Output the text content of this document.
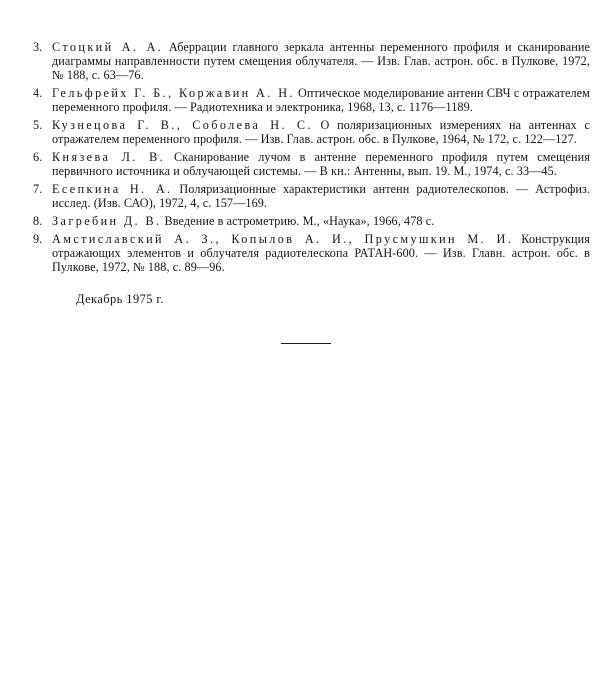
3. Стоцкий А. А. Аберрации главного зеркала антенны переменного профиля и сканирование диаграммы направленности путем смещения облучателя. — Изв. Глав. астрон. обс. в Пулкове, 1972, № 188, с. 63—76.
4. Гельфрейх Г. Б., Коржавин А. Н. Оптическое моделирование антенн СВЧ с отражателем переменного профиля. — Радиотехника и электроника, 1968, 13, с. 1176—1189.
5. Кузнецова Г. В., Соболева Н. С. О поляризационных измерениях на антеннах с отражателем переменного профиля. — Изв. Глав. астрон. обс. в Пулкове, 1964, № 172, с. 122—127.
6. Князева Л. В. Сканирование лучом в антенне переменного профиля путем смещения первичного источника и облучающей системы. — В кн.: Антенны, вып. 19. М., 1974, с. 33—45.
7. Есепкина Н. А. Поляризационные характеристики антенн радиотелескопов. — Астрофиз. исслед. (Изв. САО), 1972, 4, с. 157—169.
8. Загребин Д. В. Введение в астрометрию. М., «Наука», 1966, 478 с.
9. Амстиславский А. З., Копылов А. И., Прусмушкин М. И. Конструкция отражающих элементов и облучателя радиотелескопа РАТАН-600. — Изв. Главн. астрон. обс. в Пулкове, 1972, № 188, с. 89—96.
Декабрь 1975 г.
